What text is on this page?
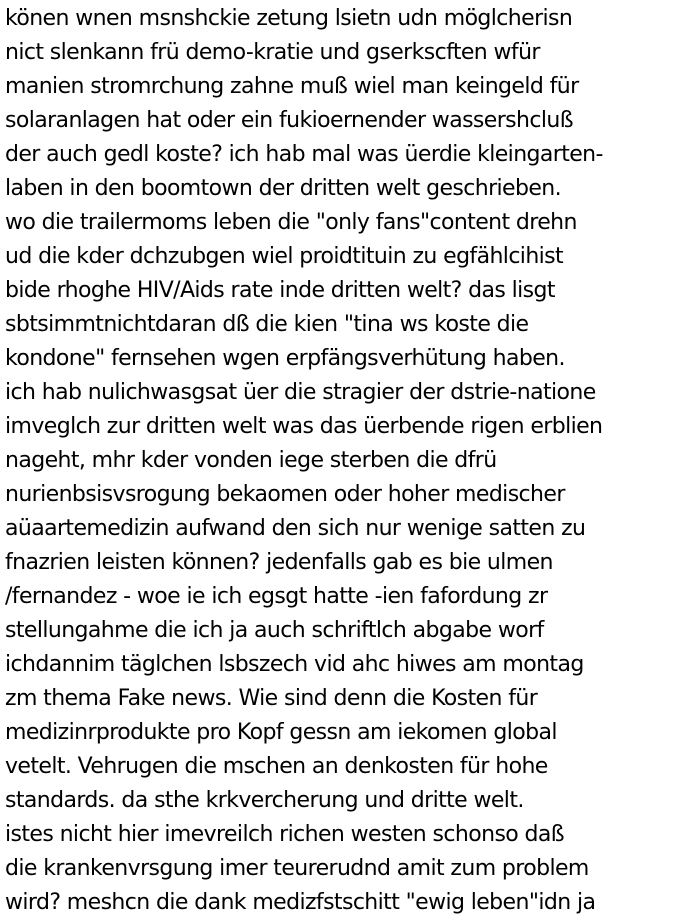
könen wnen msnshckie zetung lsietn udn möglcherisn
nict slenkann frü demo-kratie und gserkscften wfür
manien stromrchung zahne muß wiel man keingeld für
solaranlagen hat oder ein fukioernender wassershcluß
der auch gedl koste? ich hab mal was üerdie kleingarten-
laben in den boomtown der dritten welt geschrieben.
wo die trailermoms leben die "only fans"content drehn
ud die kder dchzubgen wiel proidtituin zu egfählcihist
bide rhoghe HIV/Aids rate inde dritten welt? das lisgt
sbtsimmtnichtdaran dß die kien "tina ws koste die
kondone" fernsehen wgen erpfängsverhütung haben.
ich hab nulichwasgsat üer die stragier der dstrie-natione
imveglch zur dritten welt was das üerbende rigen erblien
nageht, mhr kder vonden iege sterben die dfrü
nurienbsisvsrogung bekaomen oder hoher medischer
aüaartemedizin aufwand den sich nur wenige satten zu
fnazrien leisten können? jedenfalls gab es bie ulmen
/fernandez - woe ie ich egsgt hatte -ien fafordung zr
stellungahme die ich ja auch schriftlch abgabe worf
ichdannim täglchen lsbszech vid ahc hiwes am montag
zm thema Fake news. Wie sind denn die Kosten für
medizinrprodukte pro Kopf gessn am iekomen global
vetelt. Vehrugen die mschen an denkosten für hohe
standards. da sthe krkvercherung und dritte welt.
istes nicht hier imevreilch richen westen schonso daß
die krankenvrsgung imer teurerudnd amit zum problem
wird? meshcn die dank medizfstschitt "ewig leben"idn ja
